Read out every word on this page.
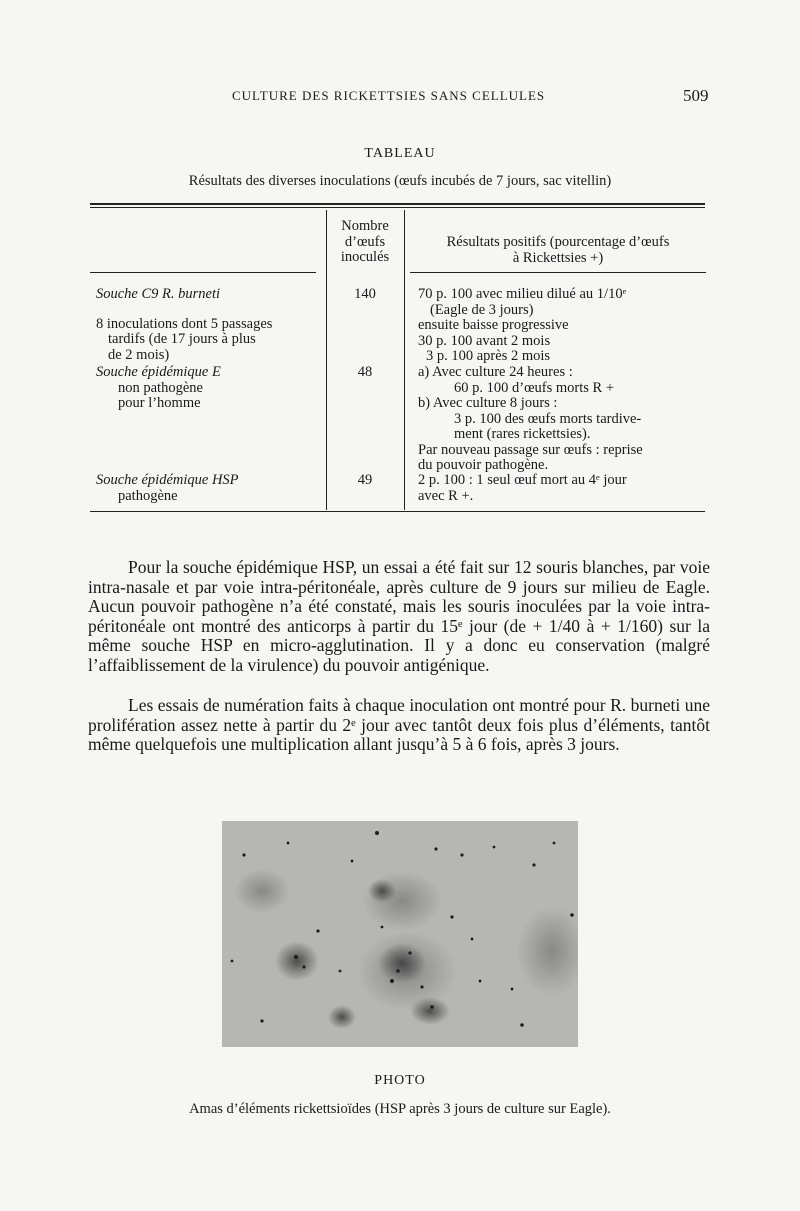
CULTURE DES RICKETTSIES SANS CELLULES	509
TABLEAU
Résultats des diverses inoculations (œufs incubés de 7 jours, sac vitellin)
Nombre
d’œufs
inoculés
Résultats positifs (pourcentage d’œufs
à Rickettsies +)
Souche C9 R. burneti
8 inoculations dont 5 passages
tardifs (de 17 jours à plus
de 2 mois)
140	70 p. 100 avec milieu dilué au 1/10ᵉ
(Eagle de 3 jours)
ensuite baisse progressive
30 p. 100 avant 2 mois
3 p. 100 après 2 mois
Souche épidémique E
non pathogène
pour l’homme
48	a) Avec culture 24 heures :
60 p. 100 d’œufs morts R +
b) Avec culture 8 jours :
3 p. 100 des œufs morts tardive-
ment (rares rickettsies).
Par nouveau passage sur œufs : reprise
du pouvoir pathogène.
Souche épidémique HSP
pathogène
49	2 p. 100 : 1 seul œuf mort au 4ᵉ jour
avec R +.

Pour la souche épidémique HSP, un essai a été fait sur 12 souris blanches, par voie intra-nasale et par voie intra-péritonéale, après culture de 9 jours sur milieu de Eagle. Aucun pouvoir pathogène n’a été constaté, mais les souris inoculées par la voie intra-péritonéale ont montré des anticorps à partir du 15ᵉ jour (de + 1/40 à + 1/160) sur la même souche HSP en micro-agglutination. Il y a donc eu conservation (malgré l’affaiblissement de la virulence) du pouvoir antigénique.

Les essais de numération faits à chaque inoculation ont montré pour R. burneti une prolifération assez nette à partir du 2ᵉ jour avec tantôt deux fois plus d’éléments, tantôt même quelquefois une multiplication allant jusqu’à 5 à 6 fois, après 3 jours.

PHOTO
Amas d’éléments rickettsioïdes (HSP après 3 jours de culture sur Eagle).
